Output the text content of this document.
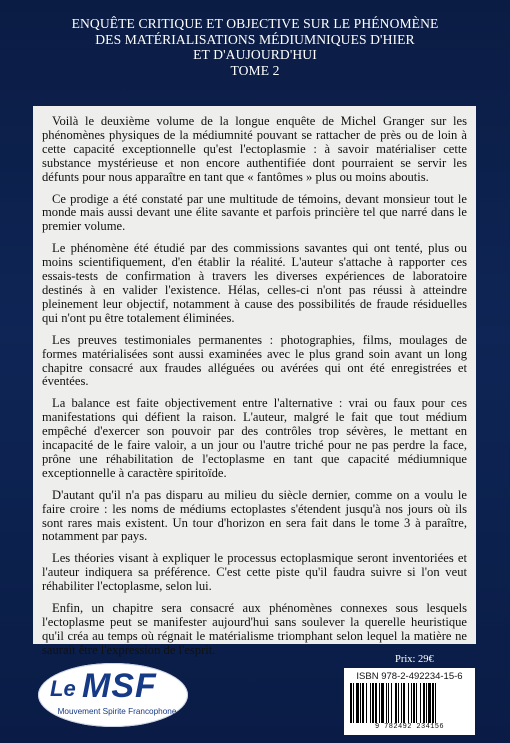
ENQUÊTE CRITIQUE ET OBJECTIVE SUR LE PHÉNOMÈNE
DES MATÉRIALISATIONS MÉDIUMNIQUES D'HIER
ET D'AUJOURD'HUI
TOME 2

Voilà le deuxième volume de la longue enquête de Michel Granger sur les phénomènes physiques de la médiumnité pouvant se rattacher de près ou de loin à cette capacité exceptionnelle qu'est l'ectoplasmie : à savoir matérialiser cette substance mystérieuse et non encore authentifiée dont pourraient se servir les défunts pour nous apparaître en tant que « fantômes » plus ou moins aboutis.

Ce prodige a été constaté par une multitude de témoins, devant monsieur tout le monde mais aussi devant une élite savante et parfois princière tel que narré dans le premier volume.

Le phénomène été étudié par des commissions savantes qui ont tenté, plus ou moins scientifiquement, d'en établir la réalité. L'auteur s'attache à rapporter ces essais-tests de confirmation à travers les diverses expériences de laboratoire destinés à en valider l'existence. Hélas, celles-ci n'ont pas réussi à atteindre pleinement leur objectif, notamment à cause des possibilités de fraude résiduelles qui n'ont pu être totalement éliminées.

Les preuves testimoniales permanentes : photographies, films, moulages de formes matérialisées sont aussi examinées avec le plus grand soin avant un long chapitre consacré aux fraudes alléguées ou avérées qui ont été enregistrées et éventées.

La balance est faite objectivement entre l'alternative : vrai ou faux pour ces manifestations qui défient la raison. L'auteur, malgré le fait que tout médium empêché d'exercer son pouvoir par des contrôles trop sévères, le mettant en incapacité de le faire valoir, a un jour ou l'autre triché pour ne pas perdre la face, prône une réhabilitation de l'ectoplasme en tant que capacité médiumnique exceptionnelle à caractère spiritoïde.

D'autant qu'il n'a pas disparu au milieu du siècle dernier, comme on a voulu le faire croire : les noms de médiums ectoplastes s'étendent jusqu'à nos jours où ils sont rares mais existent. Un tour d'horizon en sera fait dans le tome 3 à paraître, notamment par pays.

Les théories visant à expliquer le processus ectoplasmique seront inventoriées et l'auteur indiquera sa préférence. C'est cette piste qu'il faudra suivre si l'on veut réhabiliter l'ectoplasme, selon lui.

Enfin, un chapitre sera consacré aux phénomènes connexes sous lesquels l'ectoplasme peut se manifester aujourd'hui sans soulever la querelle heuristique qu'il créa au temps où régnait le matérialisme triomphant selon lequel la matière ne saurait être l'expression de l'esprit.

Le MSF
Mouvement Spirite Francophone
Prix: 29€
ISBN 978-2-492234-15-6
9 782492 234156
